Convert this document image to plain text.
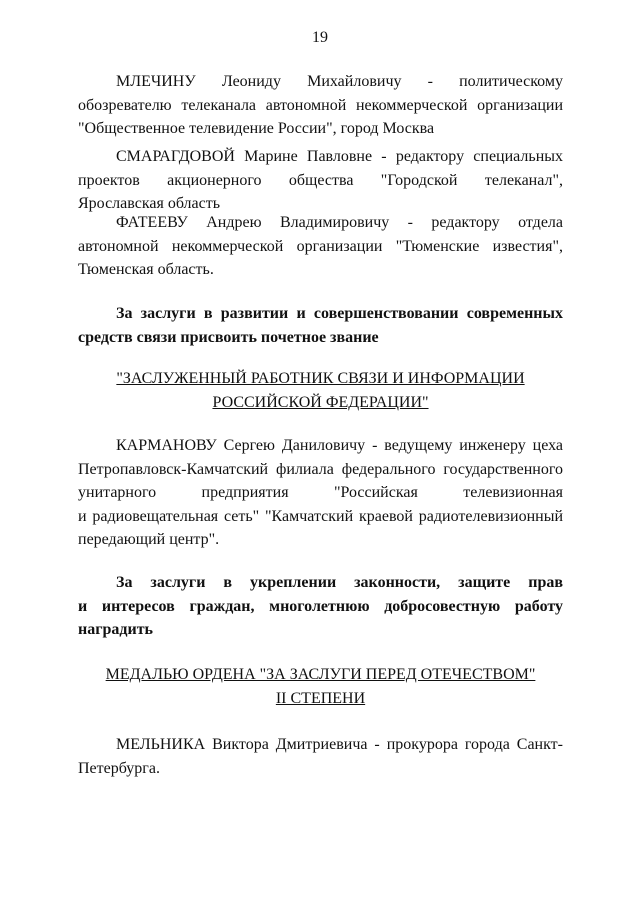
19
МЛЕЧИНУ Леониду Михайловичу - политическому
обозревателю телеканала автономной некоммерческой организации "Общественное телевидение России", город Москва
СМАРАГДОВОЙ Марине Павловне - редактору специальных
проектов акционерного общества "Городской телеканал",
Ярославская область
ФАТЕЕВУ Андрею Владимировичу - редактору отдела
автономной некоммерческой организации "Тюменские известия", Тюменская область.
За заслуги в развитии и совершенствовании современных
средств связи присвоить почетное звание
"ЗАСЛУЖЕННЫЙ РАБОТНИК СВЯЗИ И ИНФОРМАЦИИ
РОССИЙСКОЙ ФЕДЕРАЦИИ"
КАРМАНОВУ Сергею Даниловичу - ведущему инженеру цеха
Петропавловск-Камчатский филиала федерального государственного
унитарного предприятия "Российская телевизионная
и радиовещательная сеть" "Камчатский краевой радиотелевизионный передающий центр".
За заслуги в укреплении законности, защите прав
и интересов граждан, многолетнюю добросовестную работу
наградить
МЕДАЛЬЮ ОРДЕНА "ЗА ЗАСЛУГИ ПЕРЕД ОТЕЧЕСТВОМ"
II СТЕПЕНИ
МЕЛЬНИКА Виктора Дмитриевича - прокурора города Санкт-
Петербурга.
